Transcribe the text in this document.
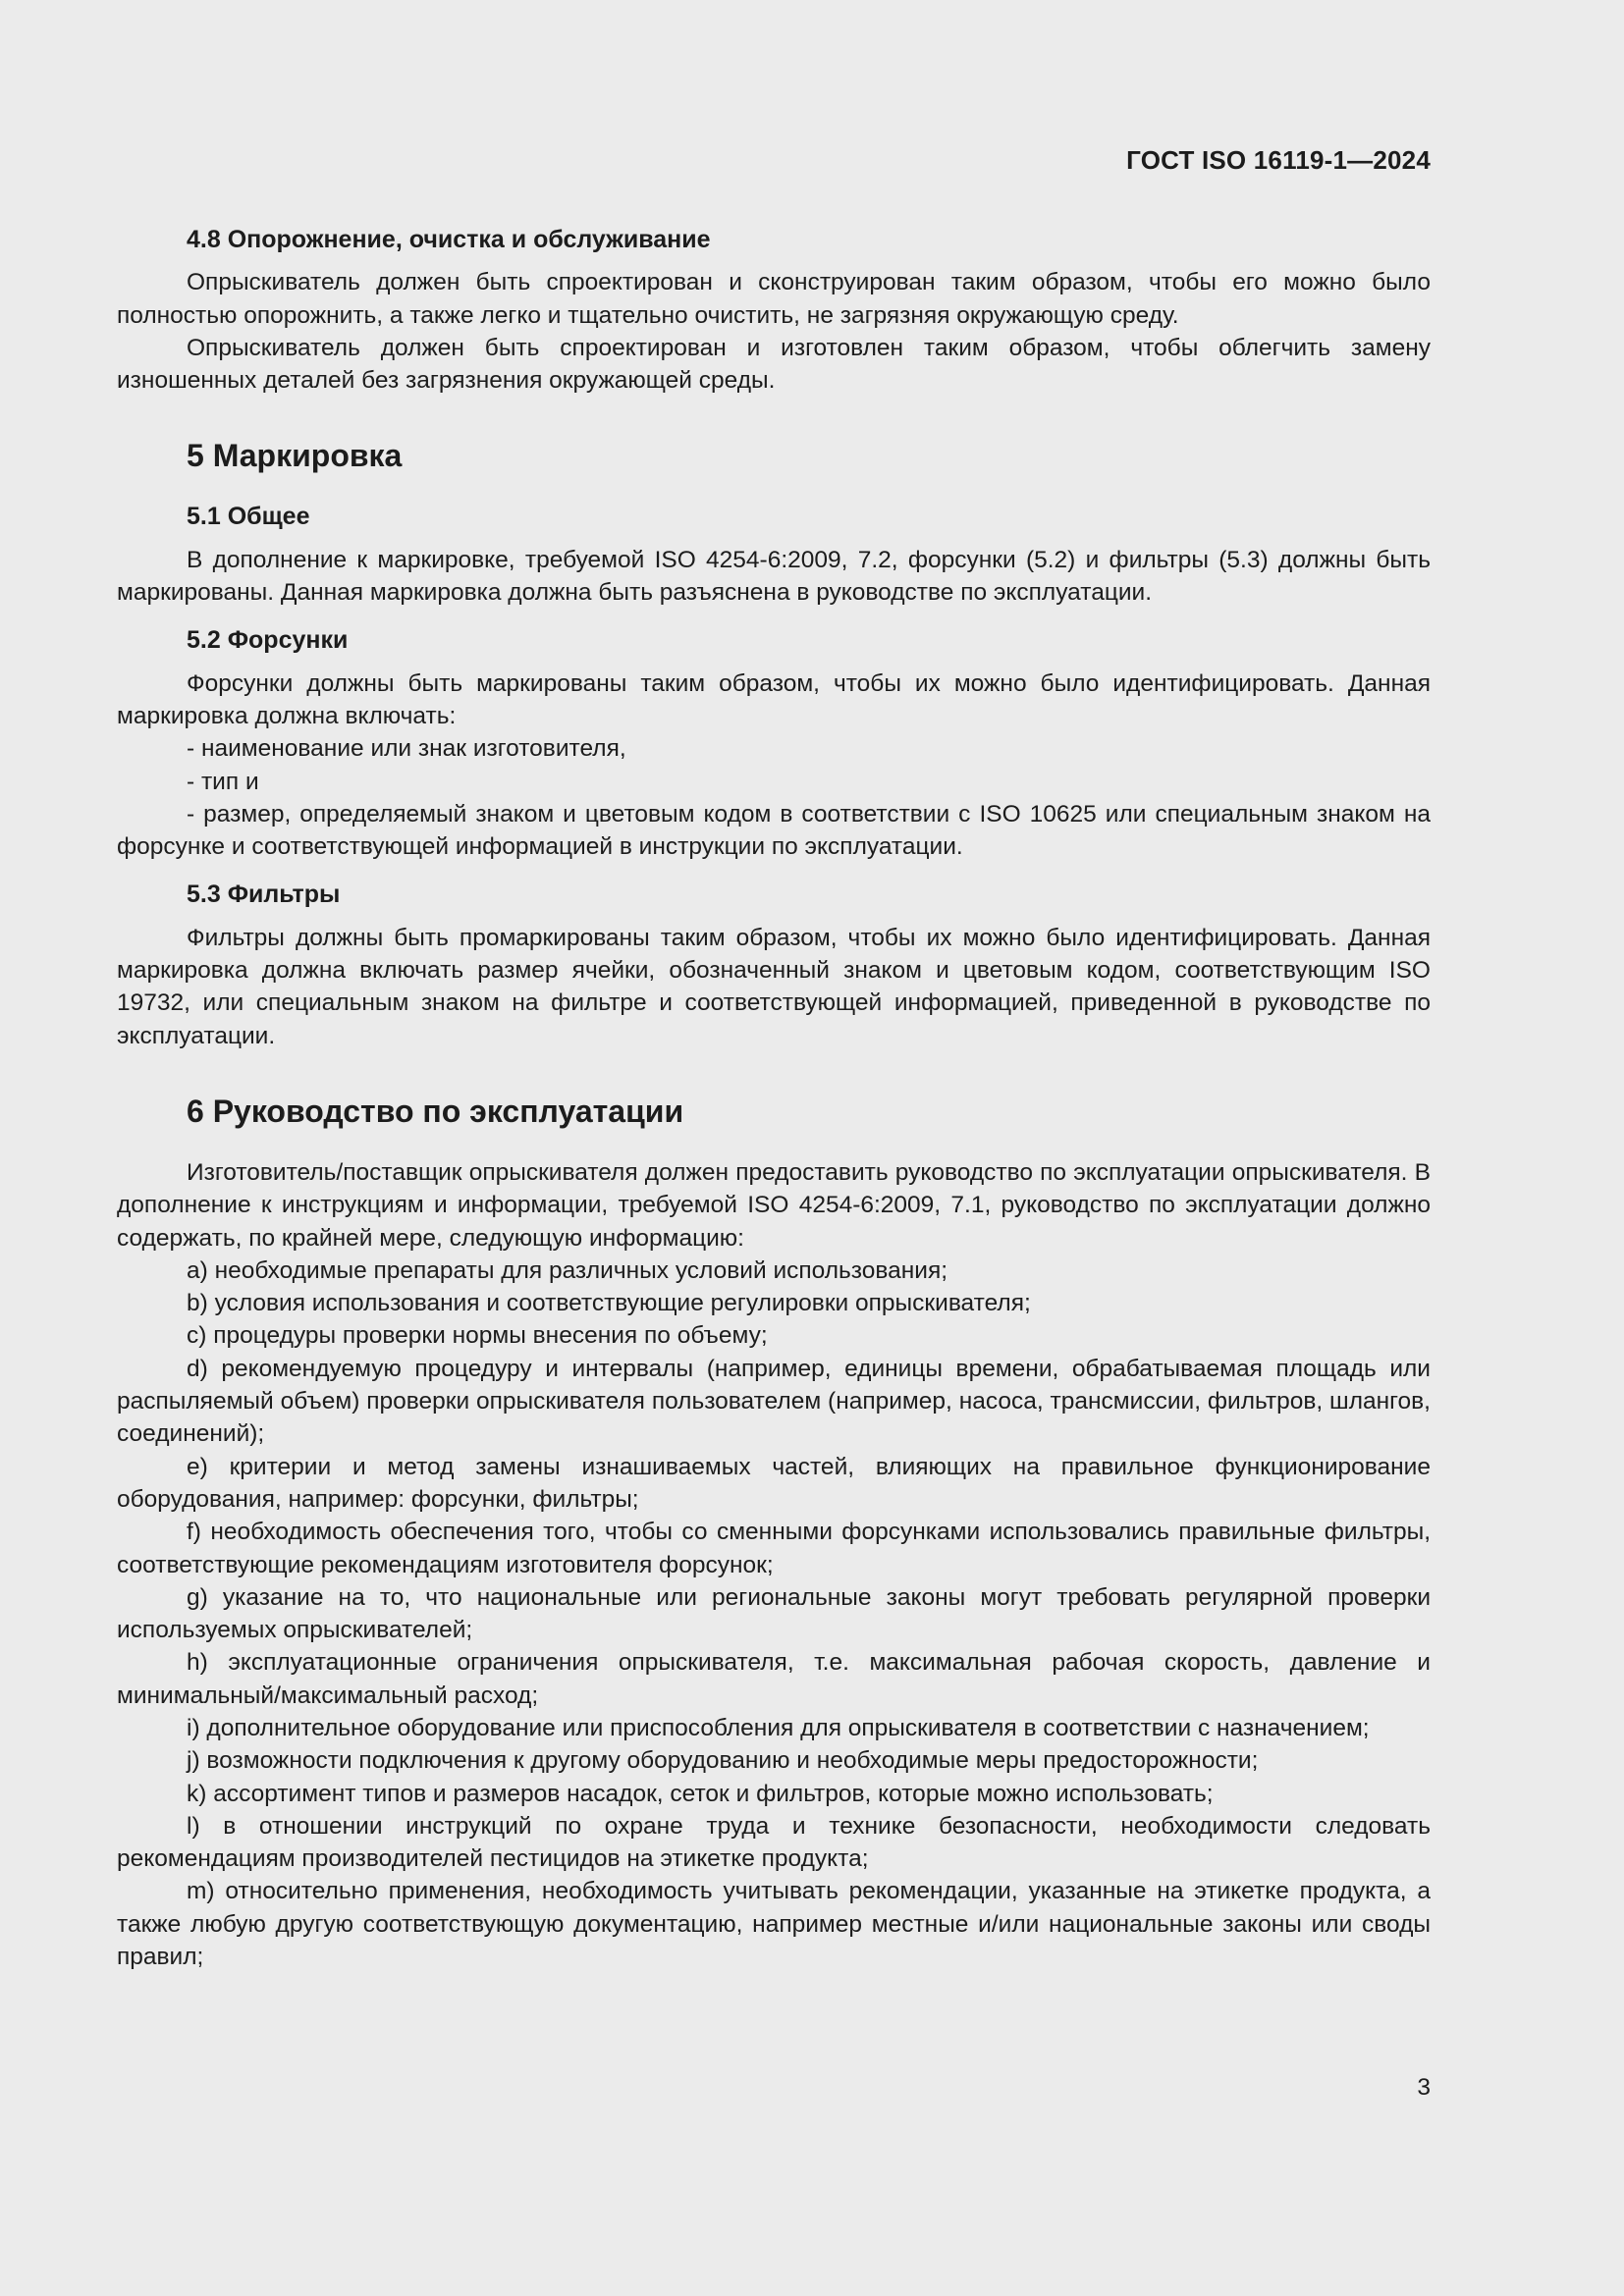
ГОСТ ISO 16119-1—2024
4.8 Опорожнение, очистка и обслуживание

Опрыскиватель должен быть спроектирован и сконструирован таким образом, чтобы его можно было полностью опорожнить, а также легко и тщательно очистить, не загрязняя окружающую среду.

Опрыскиватель должен быть спроектирован и изготовлен таким образом, чтобы облегчить замену изношенных деталей без загрязнения окружающей среды.

5 Маркировка
5.1 Общее

В дополнение к маркировке, требуемой ISO 4254-6:2009, 7.2, форсунки (5.2) и фильтры (5.3) должны быть маркированы. Данная маркировка должна быть разъяснена в руководстве по эксплуатации.

5.2 Форсунки

Форсунки должны быть маркированы таким образом, чтобы их можно было идентифицировать. Данная маркировка должна включать:

- наименование или знак изготовителя,

- тип и

- размер, определяемый знаком и цветовым кодом в соответствии с ISO 10625 или специальным знаком на форсунке и соответствующей информацией в инструкции по эксплуатации.

5.3 Фильтры

Фильтры должны быть промаркированы таким образом, чтобы их можно было идентифицировать. Данная маркировка должна включать размер ячейки, обозначенный знаком и цветовым кодом, соответствующим ISO 19732, или специальным знаком на фильтре и соответствующей информацией, приведенной в руководстве по эксплуатации.

6 Руководство по эксплуатации

Изготовитель/поставщик опрыскивателя должен предоставить руководство по эксплуатации опрыскивателя. В дополнение к инструкциям и информации, требуемой ISO 4254-6:2009, 7.1, руководство по эксплуатации должно содержать, по крайней мере, следующую информацию:

a) необходимые препараты для различных условий использования;

b) условия использования и соответствующие регулировки опрыскивателя;

c) процедуры проверки нормы внесения по объему;

d) рекомендуемую процедуру и интервалы (например, единицы времени, обрабатываемая площадь или распыляемый объем) проверки опрыскивателя пользователем (например, насоса, трансмиссии, фильтров, шлангов, соединений);

e) критерии и метод замены изнашиваемых частей, влияющих на правильное функционирование оборудования, например: форсунки, фильтры;

f) необходимость обеспечения того, чтобы со сменными форсунками использовались правильные фильтры, соответствующие рекомендациям изготовителя форсунок;

g) указание на то, что национальные или региональные законы могут требовать регулярной проверки используемых опрыскивателей;

h) эксплуатационные ограничения опрыскивателя, т.е. максимальная рабочая скорость, давление и минимальный/максимальный расход;

i) дополнительное оборудование или приспособления для опрыскивателя в соответствии с назначением;

j) возможности подключения к другому оборудованию и необходимые меры предосторожности;

k) ассортимент типов и размеров насадок, сеток и фильтров, которые можно использовать;

l) в отношении инструкций по охране труда и технике безопасности, необходимости следовать рекомендациям производителей пестицидов на этикетке продукта;

m) относительно применения, необходимость учитывать рекомендации, указанные на этикетке продукта, а также любую другую соответствующую документацию, например местные и/или национальные законы или своды правил;

3
